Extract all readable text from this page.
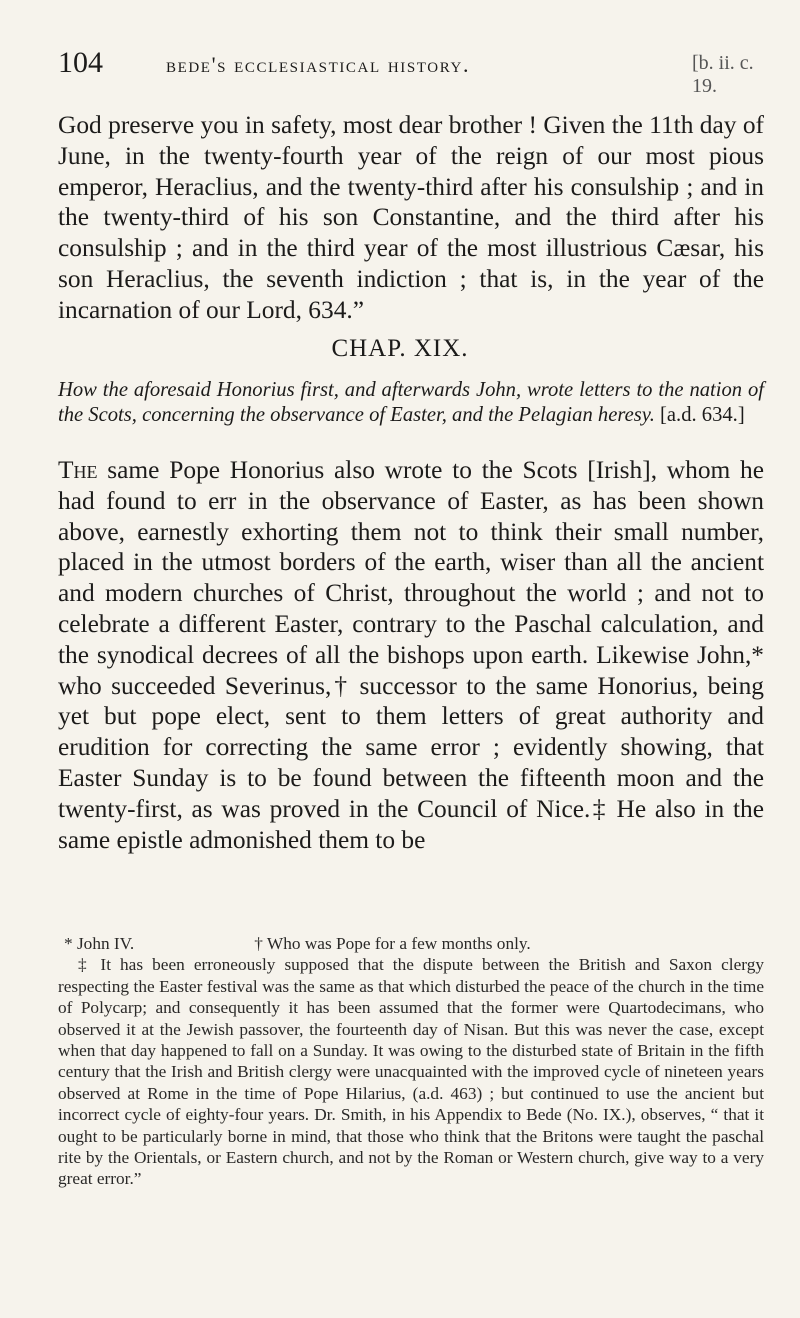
104	bede's ecclesiastical history.	[b. ii. c. 19.

God preserve you in safety, most dear brother ! Given the 11th day of June, in the twenty-fourth year of the reign of our most pious emperor, Heraclius, and the twenty-third after his consulship ; and in the twenty-third of his son Constantine, and the third after his consulship ; and in the third year of the most illustrious Cæsar, his son Heraclius, the seventh indiction ; that is, in the year of the incarnation of our Lord, 634.”

CHAP. XIX.

How the aforesaid Honorius first, and afterwards John, wrote letters to the nation of the Scots, concerning the observance of Easter, and the Pelagian heresy. [a.d. 634.]

The same Pope Honorius also wrote to the Scots [Irish], whom he had found to err in the observance of Easter, as has been shown above, earnestly exhorting them not to think their small number, placed in the utmost borders of the earth, wiser than all the ancient and modern churches of Christ, throughout the world ; and not to celebrate a different Easter, contrary to the Paschal calculation, and the synodical decrees of all the bishops upon earth. Likewise John,* who succeeded Severinus,† successor to the same Honorius, being yet but pope elect, sent to them letters of great authority and erudition for correcting the same error ; evidently showing, that Easter Sunday is to be found between the fifteenth moon and the twenty-first, as was proved in the Council of Nice.‡ He also in the same epistle admonished them to be

* John IV.	† Who was Pope for a few months only.
‡ It has been erroneously supposed that the dispute between the British and Saxon clergy respecting the Easter festival was the same as that which disturbed the peace of the church in the time of Polycarp; and consequently it has been assumed that the former were Quartodecimans, who observed it at the Jewish passover, the fourteenth day of Nisan. But this was never the case, except when that day happened to fall on a Sunday. It was owing to the disturbed state of Britain in the fifth century that the Irish and British clergy were unacquainted with the improved cycle of nineteen years observed at Rome in the time of Pope Hilarius, (a.d. 463) ; but continued to use the ancient but incorrect cycle of eighty-four years. Dr. Smith, in his Appendix to Bede (No. IX.), observes, “ that it ought to be particularly borne in mind, that those who think that the Britons were taught the paschal rite by the Orientals, or Eastern church, and not by the Roman or Western church, give way to a very great error.”
